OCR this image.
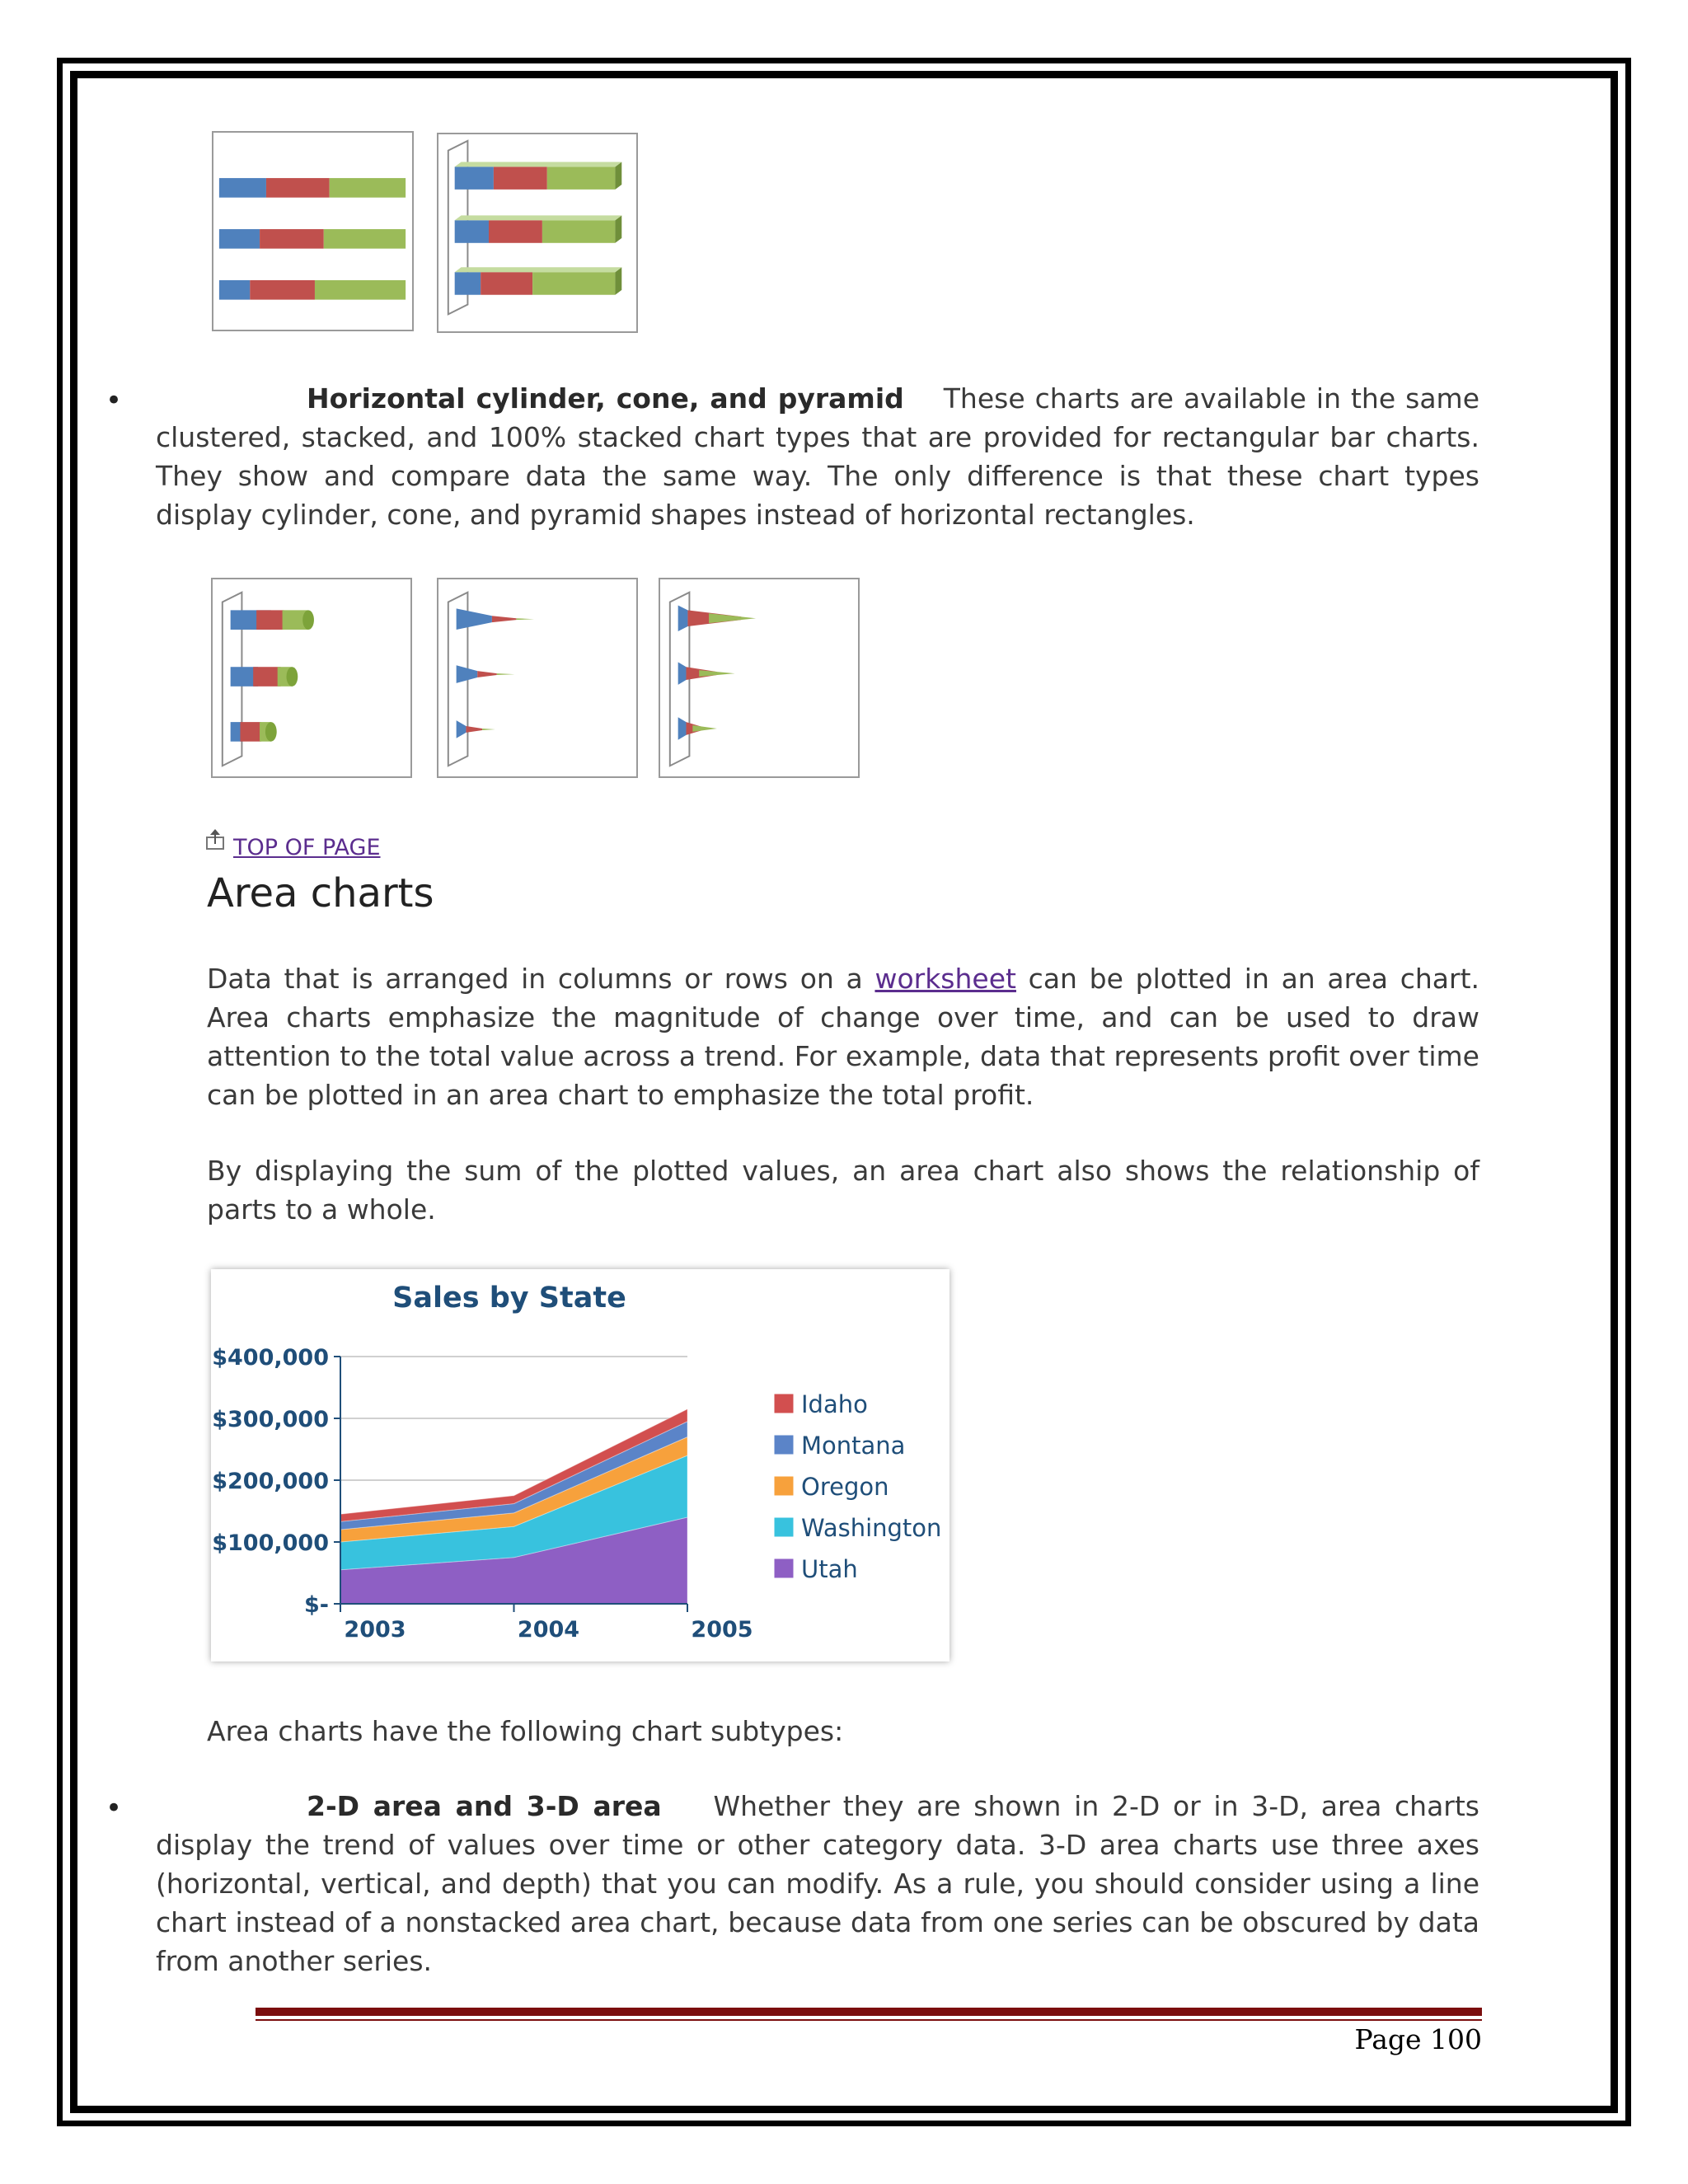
•	Horizontal cylinder, cone, and pyramid These charts are available in the same clustered, stacked, and 100% stacked chart types that are provided for rectangular bar charts. They show and compare data the same way. The only difference is that these chart types display cylinder, cone, and pyramid shapes instead of horizontal rectangles.
TOP OF PAGE
Area charts
Data that is arranged in columns or rows on a worksheet can be plotted in an area chart. Area charts emphasize the magnitude of change over time, and can be used to draw attention to the total value across a trend. For example, data that represents profit over time can be plotted in an area chart to emphasize the total profit.
By displaying the sum of the plotted values, an area chart also shows the relationship of parts to a whole.
Sales by State
$-
$100,000
$200,000
$300,000
$400,000
2003	2004	2005
Idaho
Montana
Oregon
Washington
Utah
Area charts have the following chart subtypes:
•	2-D area and 3-D area Whether they are shown in 2-D or in 3-D, area charts display the trend of values over time or other category data. 3-D area charts use three axes (horizontal, vertical, and depth) that you can modify. As a rule, you should consider using a line chart instead of a nonstacked area chart, because data from one series can be obscured by data from another series.
Page 100
